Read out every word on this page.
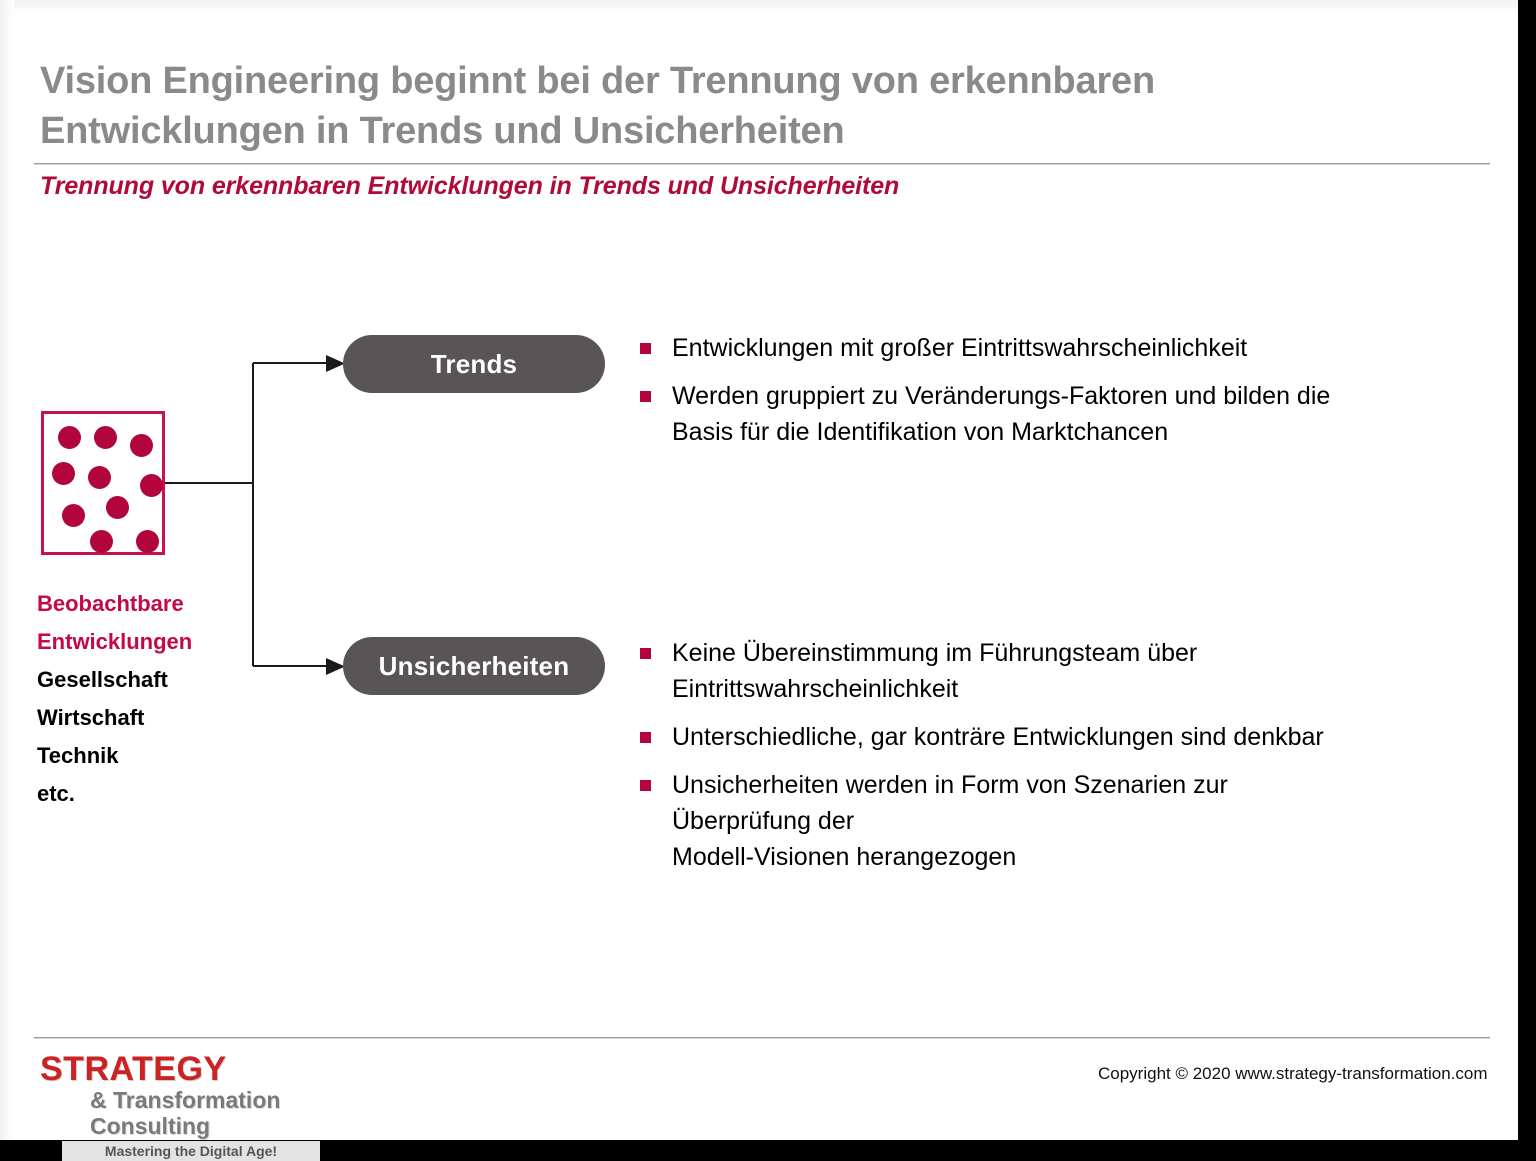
Vision Engineering beginnt bei der Trennung von erkennbaren Entwicklungen in Trends und Unsicherheiten
Trennung von erkennbaren Entwicklungen in Trends und Unsicherheiten
Beobachtbare
Entwicklungen
Gesellschaft
Wirtschaft
Technik
etc.
Trends
Unsicherheiten
Entwicklungen mit großer Eintrittswahrscheinlichkeit
Werden gruppiert zu Veränderungs-Faktoren und bilden die
Basis für die Identifikation von Marktchancen
Keine Übereinstimmung im Führungsteam über
Eintrittswahrscheinlichkeit
Unterschiedliche, gar konträre Entwicklungen sind denkbar
Unsicherheiten werden in Form von Szenarien zur
Überprüfung der
Modell-Visionen herangezogen
STRATEGY
& Transformation Consulting
Mastering the Digital Age!
Copyright © 2020 www.strategy-transformation.com
